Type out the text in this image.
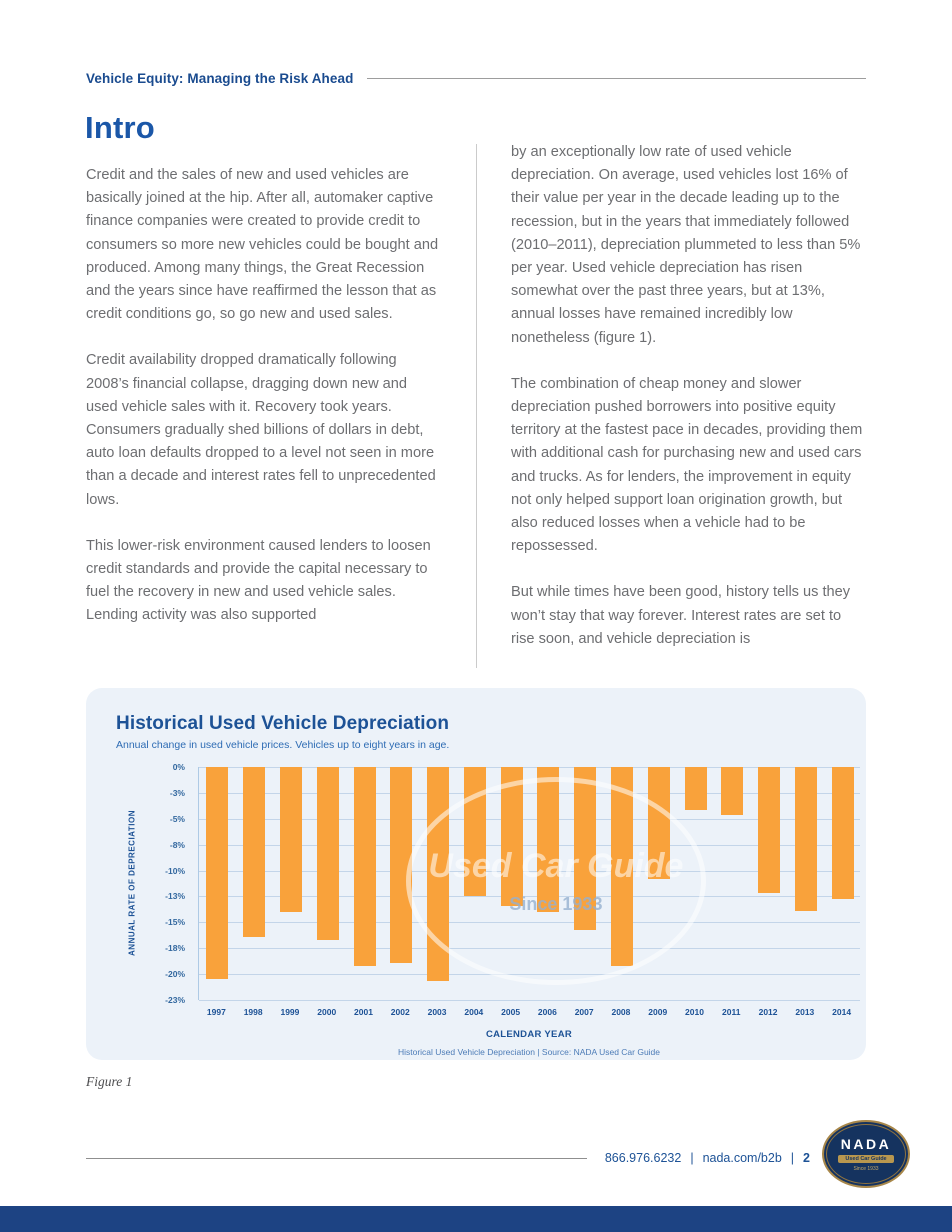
Vehicle Equity: Managing the Risk Ahead
Intro

Credit and the sales of new and used vehicles are basically joined at the hip. After all, automaker captive finance companies were created to provide credit to consumers so more new vehicles could be bought and produced. Among many things, the Great Recession and the years since have reaffirmed the lesson that as credit conditions go, so go new and used sales.

Credit availability dropped dramatically following 2008’s financial collapse, dragging down new and used vehicle sales with it. Recovery took years. Consumers gradually shed billions of dollars in debt, auto loan defaults dropped to a level not seen in more than a decade and interest rates fell to unprecedented lows.

This lower-risk environment caused lenders to loosen credit standards and provide the capital necessary to fuel the recovery in new and used vehicle sales. Lending activity was also supported

by an exceptionally low rate of used vehicle depreciation. On average, used vehicles lost 16% of their value per year in the decade leading up to the recession, but in the years that immediately followed (2010–2011), depreciation plummeted to less than 5% per year. Used vehicle depreciation has risen somewhat over the past three years, but at 13%, annual losses have remained incredibly low nonetheless (figure 1).

The combination of cheap money and slower depreciation pushed borrowers into positive equity territory at the fastest pace in decades, providing them with additional cash for purchasing new and used cars and trucks. As for lenders, the improvement in equity not only helped support loan origination growth, but also reduced losses when a vehicle had to be repossessed.

But while times have been good, history tells us they won’t stay that way forever. Interest rates are set to rise soon, and vehicle depreciation is

Historical Used Vehicle Depreciation

Annual change in used vehicle prices. Vehicles up to eight years in age.

ANNUAL RATE OF DEPRECIATION
0%
-3%
-5%
-8%
-10%
-13%
-15%
-18%
-20%
-23%
Used Car Guide
Since 1933
1997 1998 1999 2000 2001 2002 2003 2004 2005 2006 2007 2008 2009 2010 2011 2012 2013 2014
CALENDAR YEAR
Historical Used Vehicle Depreciation | Source: NADA Used Car Guide
Figure 1
866.976.6232 | nada.com/b2b | 2
NADA
Used Car Guide
Since 1933
